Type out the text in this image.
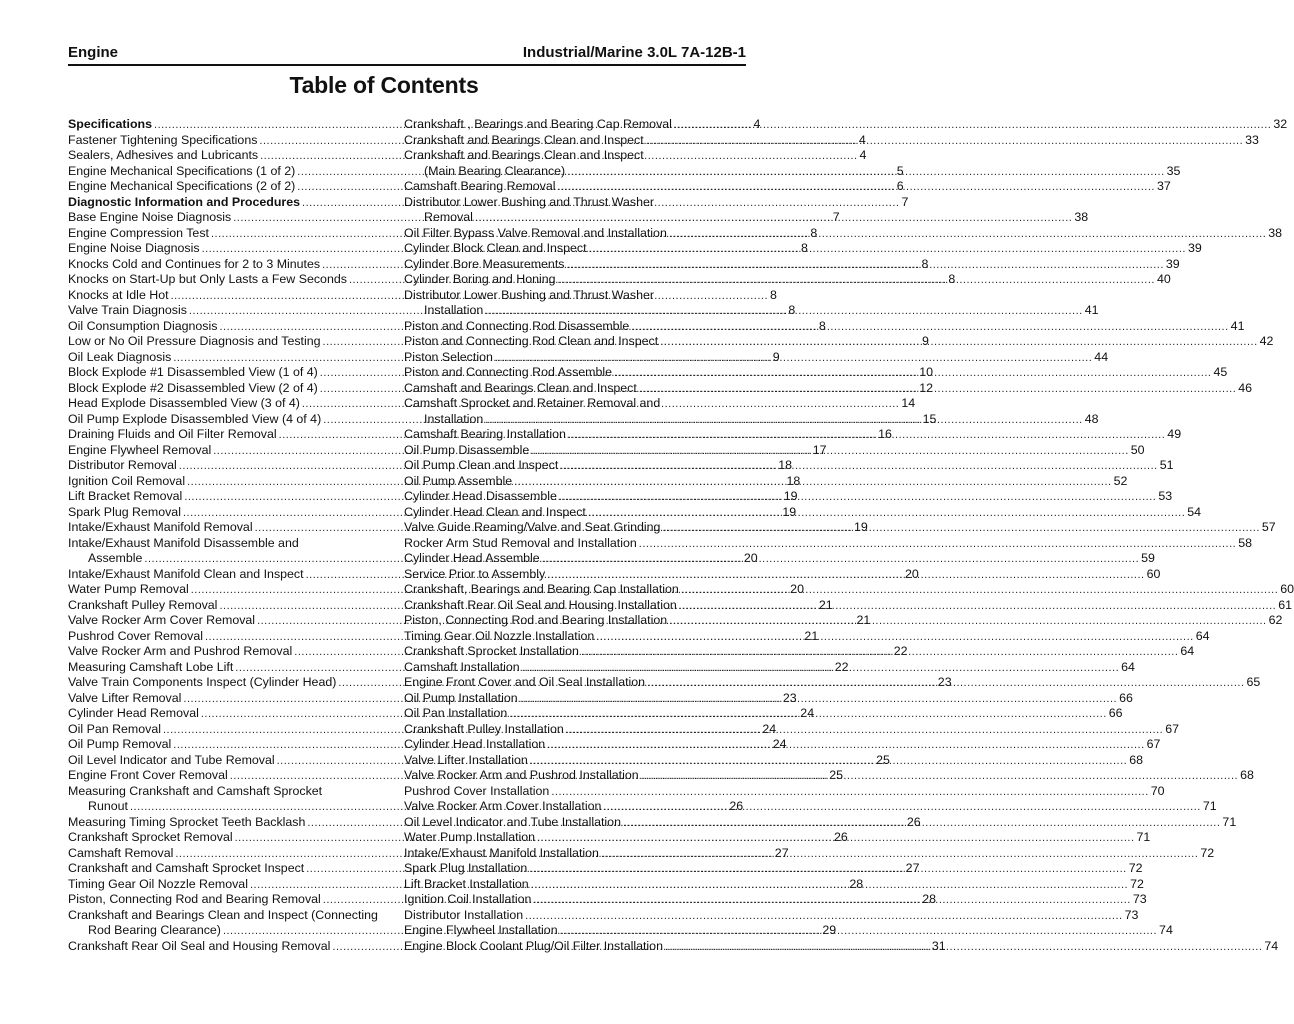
Engine	Industrial/Marine 3.0L 7A-12B-1
Table of Contents
Specifications .....	4
Fastener Tightening Specifications .....	4
Sealers, Adhesives and Lubricants .....	4
Engine Mechanical Specifications (1 of 2) .....	5
Engine Mechanical Specifications (2 of 2) .....	6
Diagnostic Information and Procedures .....	7
Base Engine Noise Diagnosis .....	7
Engine Compression Test .....	8
Engine Noise Diagnosis .....	8
Knocks Cold and Continues for 2 to 3 Minutes .....	8
Knocks on Start-Up but Only Lasts a Few Seconds .....	8
Knocks at Idle Hot .....	8
Valve Train Diagnosis .....	8
Oil Consumption Diagnosis .....	8
Low or No Oil Pressure Diagnosis and Testing .....	9
Oil Leak Diagnosis .....	9
Block Explode #1 Disassembled View (1 of 4) .....	10
Block Explode #2 Disassembled View (2 of 4) .....	12
Head Explode Disassembled View (3 of 4) .....	14
Oil Pump Explode Disassembled View (4 of 4) .....	15
Draining Fluids and Oil Filter Removal .....	16
Engine Flywheel Removal .....	17
Distributor Removal .....	18
Ignition Coil Removal .....	18
Lift Bracket Removal .....	19
Spark Plug Removal .....	19
Intake/Exhaust Manifold Removal .....	19
Intake/Exhaust Manifold Disassemble and
Assemble .....	20
Intake/Exhaust Manifold Clean and Inspect .....	20
Water Pump Removal .....	20
Crankshaft Pulley Removal .....	21
Valve Rocker Arm Cover Removal .....	21
Pushrod Cover Removal .....	21
Valve Rocker Arm and Pushrod Removal .....	22
Measuring Camshaft Lobe Lift .....	22
Valve Train Components Inspect (Cylinder Head) .....	23
Valve Lifter Removal .....	23
Cylinder Head Removal .....	24
Oil Pan Removal .....	24
Oil Pump Removal .....	24
Oil Level Indicator and Tube Removal .....	25
Engine Front Cover Removal .....	25
Measuring Crankshaft and Camshaft Sprocket
Runout .....	26
Measuring Timing Sprocket Teeth Backlash .....	26
Crankshaft Sprocket Removal .....	26
Camshaft Removal .....	27
Crankshaft and Camshaft Sprocket Inspect .....	27
Timing Gear Oil Nozzle Removal .....	28
Piston, Connecting Rod and Bearing Removal .....	28
Crankshaft and Bearings Clean and Inspect (Connecting
Rod Bearing Clearance) .....	29
Crankshaft Rear Oil Seal and Housing Removal .....	31
Crankshaft , Bearings and Bearing Cap Removal .....	32
Crankshaft and Bearings Clean and Inspect .....	33
Crankshaft and Bearings Clean and Inspect
(Main Bearing Clearance) .....	35
Camshaft Bearing Removal .....	37
Distributor Lower Bushing and Thrust Washer
Removal .....	38
Oil Filter Bypass Valve Removal and Installation .....	38
Cylinder Block Clean and Inspect .....	39
Cylinder Bore Measurements .....	39
Cylinder Boring and Honing .....	40
Distributor Lower Bushing and Thrust Washer
Installation .....	41
Piston and Connecting Rod Disassemble .....	41
Piston and Connecting Rod Clean and Inspect .....	42
Piston Selection .....	44
Piston and Connecting Rod Assemble .....	45
Camshaft and Bearings Clean and Inspect .....	46
Camshaft Sprocket and Retainer Removal and
Installation .....	48
Camshaft Bearing Installation .....	49
Oil Pump Disassemble .....	50
Oil Pump Clean and Inspect .....	51
Oil Pump Assemble .....	52
Cylinder Head Disassemble .....	53
Cylinder Head Clean and Inspect .....	54
Valve Guide Reaming/Valve and Seat Grinding .....	57
Rocker Arm Stud Removal and Installation .....	58
Cylinder Head Assemble .....	59
Service Prior to Assembly .....	60
Crankshaft, Bearings and Bearing Cap Installation .....	60
Crankshaft Rear Oil Seal and Housing Installation .....	61
Piston, Connecting Rod and Bearing Installation .....	62
Timing Gear Oil Nozzle Installation .....	64
Crankshaft Sprocket Installation .....	64
Camshaft Installation .....	64
Engine Front Cover and Oil Seal Installation .....	65
Oil Pump Installation .....	66
Oil Pan Installation .....	66
Crankshaft Pulley Installation .....	67
Cylinder Head Installation .....	67
Valve Lifter Installation .....	68
Valve Rocker Arm and Pushrod Installation .....	68
Pushrod Cover Installation .....	70
Valve Rocker Arm Cover Installation .....	71
Oil Level Indicator and Tube Installation .....	71
Water Pump Installation .....	71
Intake/Exhaust Manifold Installation .....	72
Spark Plug Installation .....	72
Lift Bracket Installation .....	72
Ignition Coil Installation .....	73
Distributor Installation .....	73
Engine Flywheel Installation .....	74
Engine Block Coolant Plug/Oil Filter Installation .....	74
